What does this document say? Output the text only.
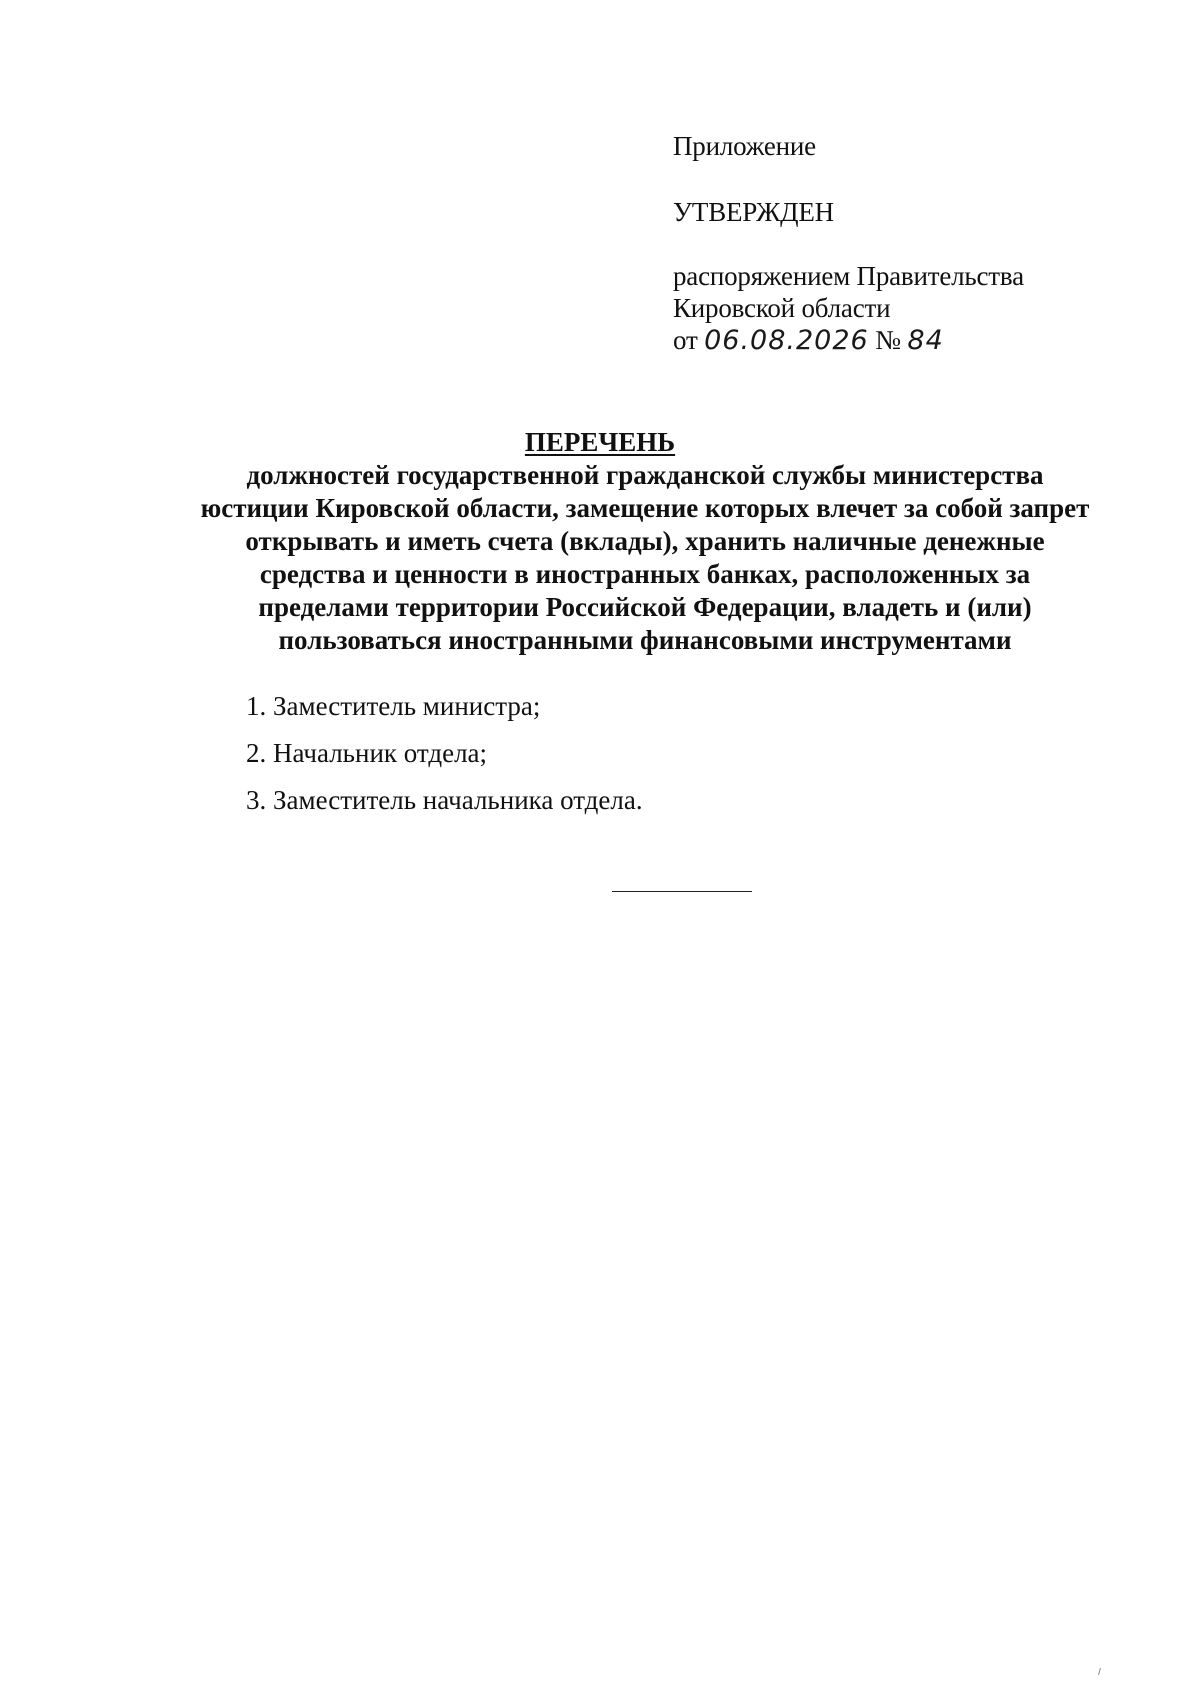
Приложение
УТВЕРЖДЕН
распоряжением Правительства
Кировской области
от 06.08.2026 № 84
ПЕРЕЧЕНЬ
должностей государственной гражданской службы министерства
юстиции Кировской области, замещение которых влечет за собой запрет
открывать и иметь счета (вклады), хранить наличные денежные
средства и ценности в иностранных банках, расположенных за
пределами территории Российской Федерации, владеть и (или)
пользоваться иностранными финансовыми инструментами
1. Заместитель министра;
2. Начальник отдела;
3. Заместитель начальника отдела.
